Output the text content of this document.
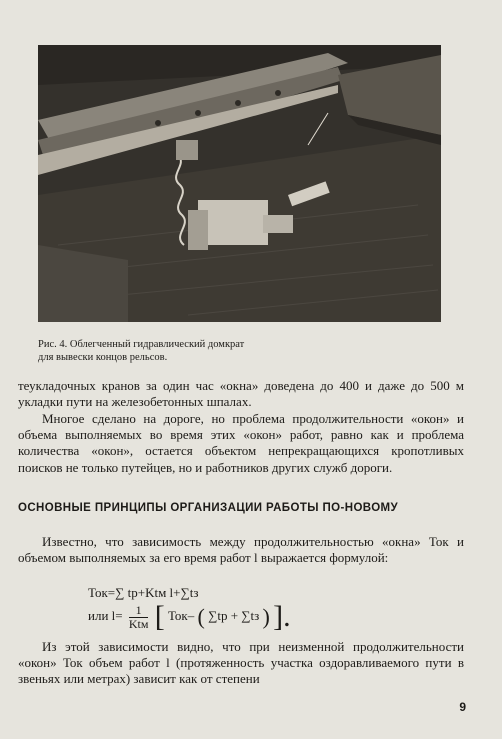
Рис. 4. Облегченный гидравлический домкрат
для вывески концов рельсов.
теукладочных кранов за один час «окна» доведена до 400 и даже до 500 м укладки пути на железобетонных шпалах.
Многое сделано на дороге, но проблема продолжительности «окон» и объема выполняемых во время этих «окон» работ, равно как и проблема количества «окон», остается объектом непрекращающихся кропотливых поисков не только путейцев, но и работников других служб дороги.
ОСНОВНЫЕ ПРИНЦИПЫ ОРГАНИЗАЦИИ РАБОТЫ ПО-НОВОМУ
Известно, что зависимость между продолжительностью «окна» Ток и объемом выполняемых за его время работ l выражается формулой:
Ток=∑ tр+Ktм l+∑tз
или $l= \frac{1}{\text{Ktм}}$ [ Ток– ( ∑tр + ∑tз ) ].
Из этой зависимости видно, что при неизменной продолжительности «окон» Ток объем работ l (протяженность участка оздоравливаемого пути в звеньях или метрах) зависит как от степени
9
